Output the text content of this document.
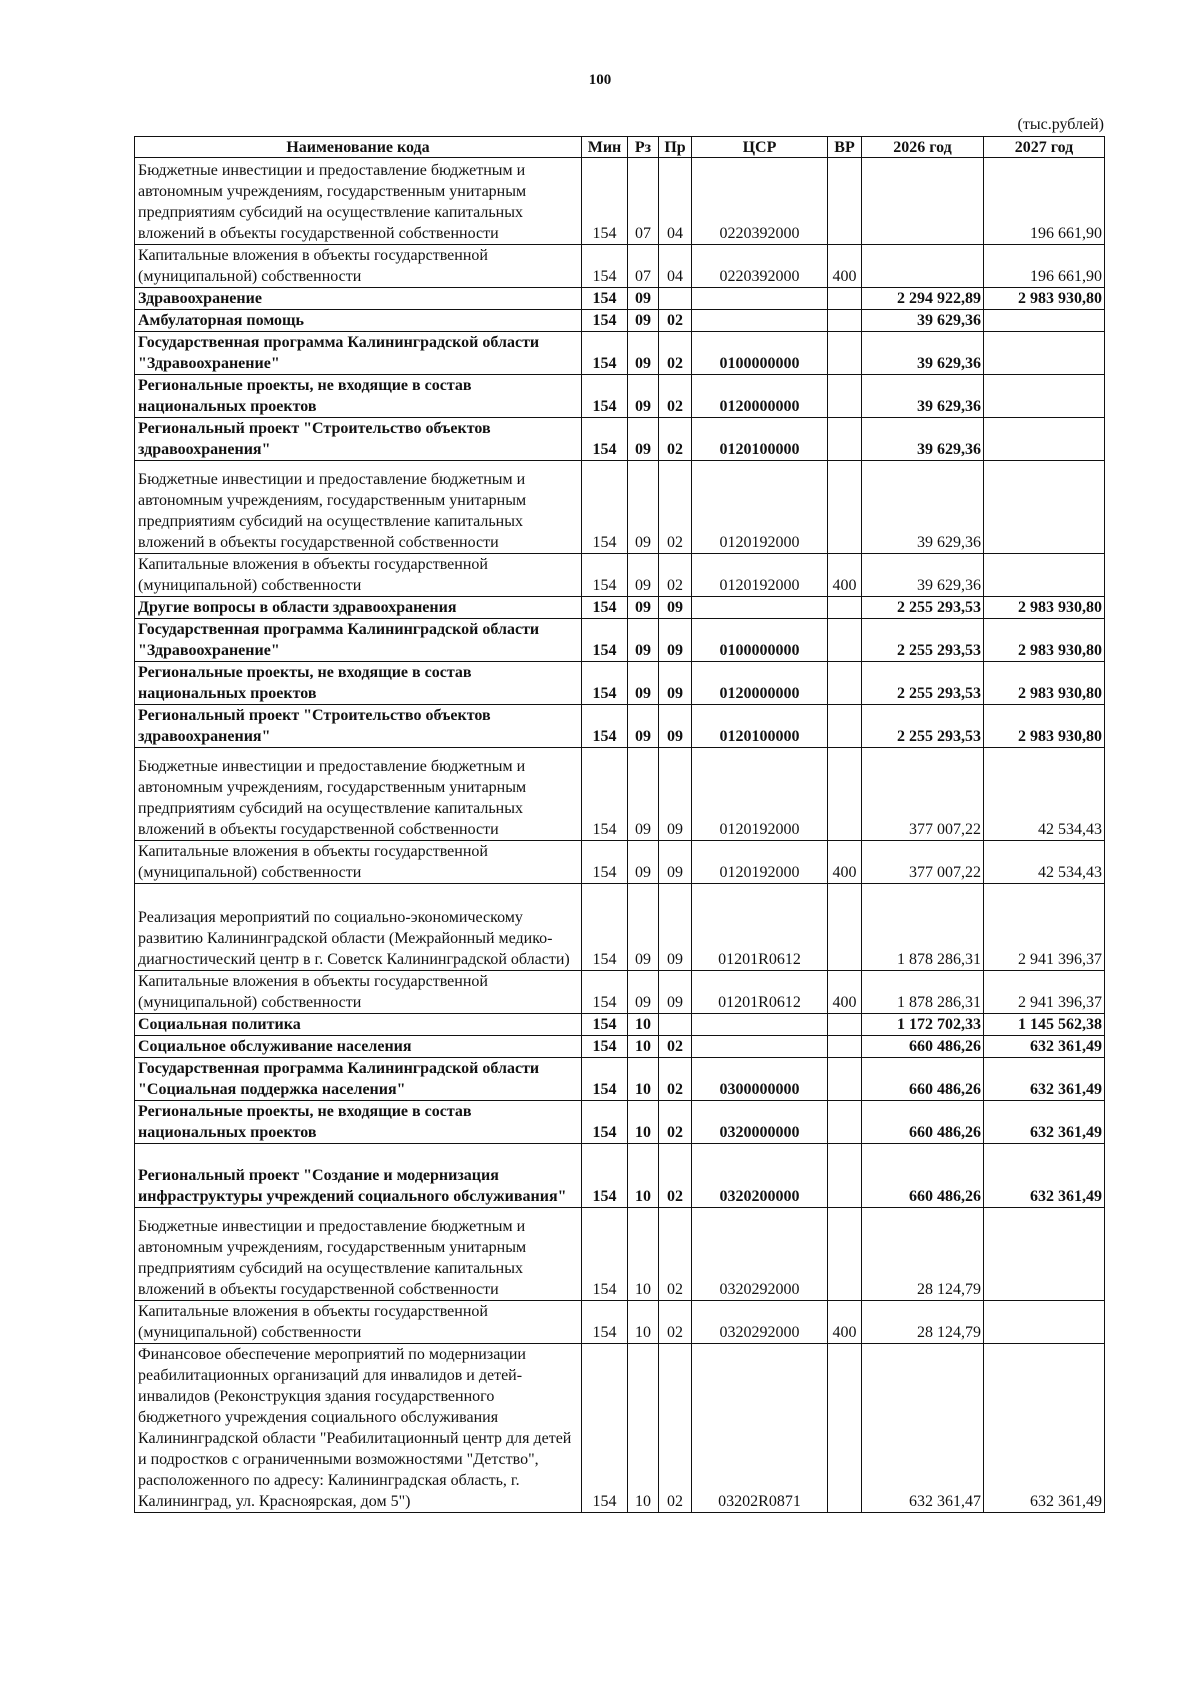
100
(тыс.рублей)
Наименование кода	Мин	Рз	Пр	ЦСР	ВР	2026 год	2027 год
Бюджетные инвестиции и предоставление бюджетным и автономным учреждениям, государственным унитарным предприятиям субсидий на осуществление капитальных вложений в объекты государственной собственности	154	07	04	0220392000			196 661,90
Капитальные вложения в объекты государственной (муниципальной) собственности	154	07	04	0220392000	400		196 661,90
Здравоохранение	154	09				2 294 922,89	2 983 930,80
Амбулаторная помощь	154	09	02			39 629,36	
Государственная программа Калининградской области "Здравоохранение"	154	09	02	0100000000		39 629,36	
Региональные проекты, не входящие в состав национальных проектов	154	09	02	0120000000		39 629,36	
Региональный проект "Строительство объектов здравоохранения"	154	09	02	0120100000		39 629,36	
Бюджетные инвестиции и предоставление бюджетным и автономным учреждениям, государственным унитарным предприятиям субсидий на осуществление капитальных вложений в объекты государственной собственности	154	09	02	0120192000		39 629,36	
Капитальные вложения в объекты государственной (муниципальной) собственности	154	09	02	0120192000	400	39 629,36	
Другие вопросы в области здравоохранения	154	09	09			2 255 293,53	2 983 930,80
Государственная программа Калининградской области "Здравоохранение"	154	09	09	0100000000		2 255 293,53	2 983 930,80
Региональные проекты, не входящие в состав национальных проектов	154	09	09	0120000000		2 255 293,53	2 983 930,80
Региональный проект "Строительство объектов здравоохранения"	154	09	09	0120100000		2 255 293,53	2 983 930,80
Бюджетные инвестиции и предоставление бюджетным и автономным учреждениям, государственным унитарным предприятиям субсидий на осуществление капитальных вложений в объекты государственной собственности	154	09	09	0120192000		377 007,22	42 534,43
Капитальные вложения в объекты государственной (муниципальной) собственности	154	09	09	0120192000	400	377 007,22	42 534,43
Реализация мероприятий по социально-экономическому развитию Калининградской области (Межрайонный медико-диагностический центр в г. Советск Калининградской области)	154	09	09	01201R0612		1 878 286,31	2 941 396,37
Капитальные вложения в объекты государственной (муниципальной) собственности	154	09	09	01201R0612	400	1 878 286,31	2 941 396,37
Социальная политика	154	10				1 172 702,33	1 145 562,38
Социальное обслуживание населения	154	10	02			660 486,26	632 361,49
Государственная программа Калининградской области "Социальная поддержка населения"	154	10	02	0300000000		660 486,26	632 361,49
Региональные проекты, не входящие в состав национальных проектов	154	10	02	0320000000		660 486,26	632 361,49
Региональный проект "Создание и модернизация инфраструктуры учреждений социального обслуживания"	154	10	02	0320200000		660 486,26	632 361,49
Бюджетные инвестиции и предоставление бюджетным и автономным учреждениям, государственным унитарным предприятиям субсидий на осуществление капитальных вложений в объекты государственной собственности	154	10	02	0320292000		28 124,79	
Капитальные вложения в объекты государственной (муниципальной) собственности	154	10	02	0320292000	400	28 124,79	
Финансовое обеспечение мероприятий по модернизации реабилитационных организаций для инвалидов и детей-инвалидов (Реконструкция здания государственного бюджетного учреждения социального обслуживания Калининградской области "Реабилитационный центр для детей и подростков с ограниченными возможностями "Детство", расположенного по адресу: Калининградская область, г. Калининград, ул. Красноярская, дом 5")	154	10	02	03202R0871		632 361,47	632 361,49
